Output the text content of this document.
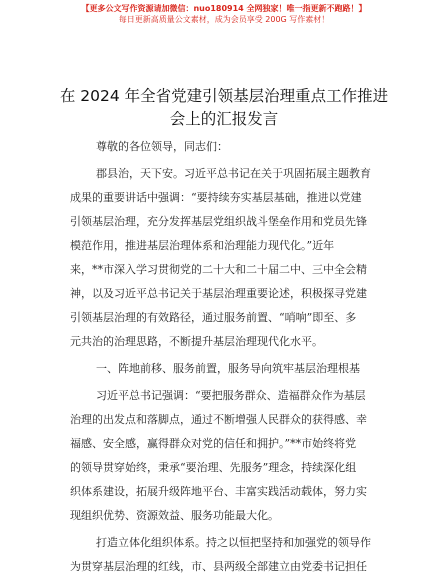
【更多公文写作资源请加微信：nuo180914 全网独家！唯一指更新不跑路！】
每日更新高质量公文素材，成为会员享受 200G 写作素材！
在 2024 年全省党建引领基层治理重点工作推进
会上的汇报发言
尊敬的各位领导，同志们：
郡县治，天下安。习近平总书记在关于巩固拓展主题教育
成果的重要讲话中强调：“要持续夯实基层基础，推进以党建
引领基层治理，充分发挥基层党组织战斗堡垒作用和党员先锋
模范作用，推进基层治理体系和治理能力现代化。”近年
来，**市深入学习贯彻党的二十大和二十届二中、三中全会精
神，以及习近平总书记关于基层治理重要论述，积极探寻党建
引领基层治理的有效路径，通过服务前置、“哨响”即至、多
元共治的治理思路，不断提升基层治理现代化水平。
一、阵地前移、服务前置，服务导向筑牢基层治理根基
习近平总书记强调：“要把服务群众、造福群众作为基层
治理的出发点和落脚点，通过不断增强人民群众的获得感、幸
福感、安全感，赢得群众对党的信任和拥护。”**市始终将党
的领导贯穿始终，秉承“要治理、先服务”理念，持续深化组
织体系建设，拓展升级阵地平台、丰富实践活动载体，努力实
现组织优势、资源效益、服务功能最大化。
打造立体化组织体系。持之以恒把坚持和加强党的领导作
为贯穿基层治理的红线，市、县两级全部建立由党委书记担任
